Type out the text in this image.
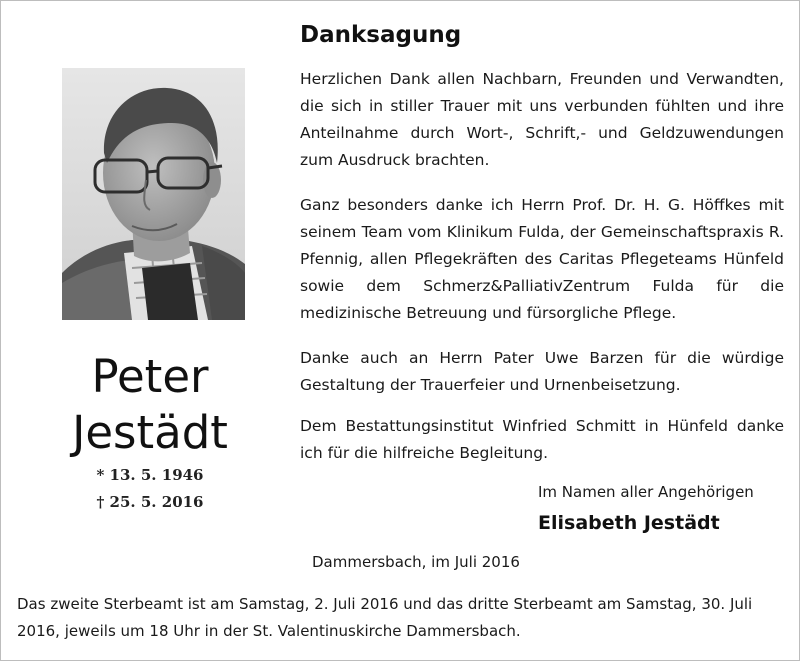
Peter
Jestädt
* 13. 5. 1946
† 25. 5. 2016
Danksagung
Herzlichen Dank allen Nachbarn, Freunden und Verwandten, die sich in stiller Trauer mit uns verbunden fühlten und ihre Anteilnahme durch Wort-, Schrift,- und Geldzuwendungen zum Ausdruck brachten.
Ganz besonders danke ich Herrn Prof. Dr. H. G. Höffkes mit seinem Team vom Klinikum Fulda, der Gemeinschaftspraxis R. Pfennig, allen Pflegekräften des Caritas Pflegeteams Hünfeld sowie dem Schmerz&PalliativZentrum Fulda für die medizinische Betreuung und fürsorgliche Pflege.
Danke auch an Herrn Pater Uwe Barzen für die würdige Gestaltung der Trauerfeier und Urnenbeisetzung.
Dem Bestattungsinstitut Winfried Schmitt in Hünfeld danke ich für die hilfreiche Begleitung.
Im Namen aller Angehörigen
Elisabeth Jestädt
Dammersbach, im Juli 2016
Das zweite Sterbeamt ist am Samstag, 2. Juli 2016 und das dritte Sterbeamt am Samstag, 30. Juli 2016, jeweils um 18 Uhr in der St. Valentinuskirche Dammersbach.
